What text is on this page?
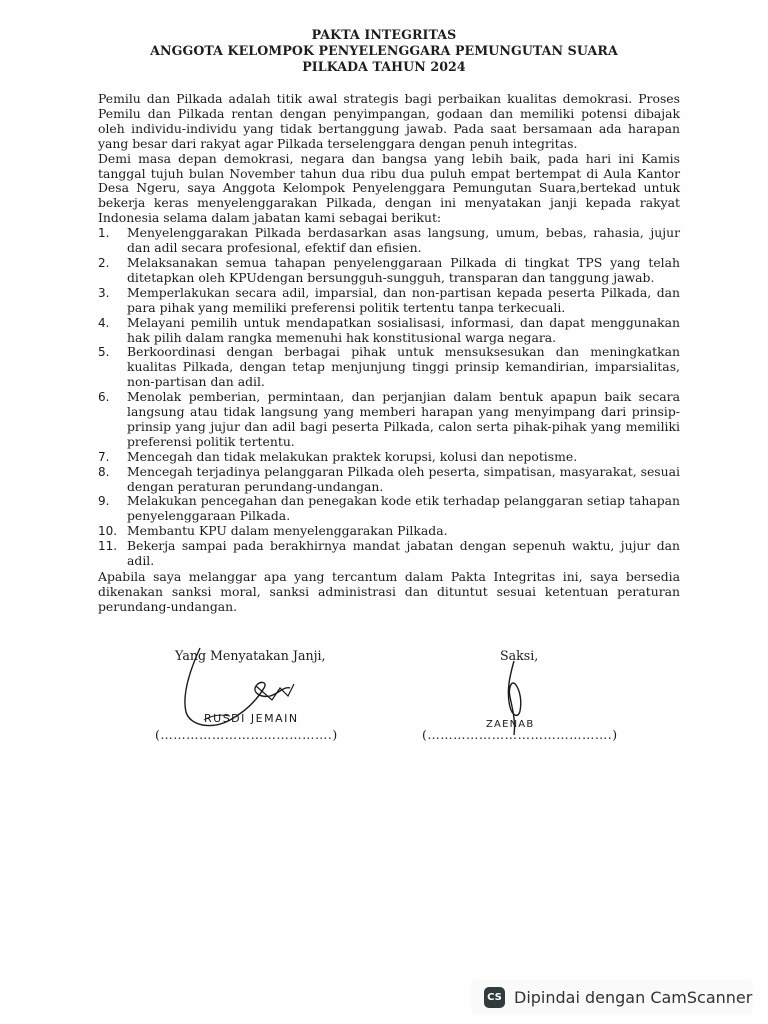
PAKTA INTEGRITAS
ANGGOTA KELOMPOK PENYELENGGARA PEMUNGUTAN SUARA
PILKADA TAHUN 2024
Pemilu dan Pilkada adalah titik awal strategis bagi perbaikan kualitas demokrasi. Proses Pemilu dan Pilkada rentan dengan penyimpangan, godaan dan memiliki potensi dibajak oleh individu-individu yang tidak bertanggung jawab. Pada saat bersamaan ada harapan yang besar dari rakyat agar Pilkada terselenggara dengan penuh integritas.
Demi masa depan demokrasi, negara dan bangsa yang lebih baik, pada hari ini Kamis tanggal tujuh bulan November tahun dua ribu dua puluh empat bertempat di Aula Kantor Desa Ngeru, saya Anggota Kelompok Penyelenggara Pemungutan Suara,bertekad untuk bekerja keras menyelenggarakan Pilkada, dengan ini menyatakan janji kepada rakyat Indonesia selama dalam jabatan kami sebagai berikut:
1.	Menyelenggarakan Pilkada berdasarkan asas langsung, umum, bebas, rahasia, jujur dan adil secara profesional, efektif dan efisien.
2.	Melaksanakan semua tahapan penyelenggaraan Pilkada di tingkat TPS yang telah ditetapkan oleh KPUdengan bersungguh-sungguh, transparan dan tanggung jawab.
3.	Memperlakukan secara adil, imparsial, dan non-partisan kepada peserta Pilkada, dan para pihak yang memiliki preferensi politik tertentu tanpa terkecuali.
4.	Melayani pemilih untuk mendapatkan sosialisasi, informasi, dan dapat menggunakan hak pilih dalam rangka memenuhi hak konstitusional warga negara.
5.	Berkoordinasi dengan berbagai pihak untuk mensuksesukan dan meningkatkan kualitas Pilkada, dengan tetap menjunjung tinggi prinsip kemandirian, imparsialitas, non-partisan dan adil.
6.	Menolak pemberian, permintaan, dan perjanjian dalam bentuk apapun baik secara langsung atau tidak langsung yang memberi harapan yang menyimpang dari prinsip-prinsip yang jujur dan adil bagi peserta Pilkada, calon serta pihak-pihak yang memiliki preferensi politik tertentu.
7.	Mencegah dan tidak melakukan praktek korupsi, kolusi dan nepotisme.
8.	Mencegah terjadinya pelanggaran Pilkada oleh peserta, simpatisan, masyarakat, sesuai dengan peraturan perundang-undangan.
9.	Melakukan pencegahan dan penegakan kode etik terhadap pelanggaran setiap tahapan penyelenggaraan Pilkada.
10. Membantu KPU dalam menyelenggarakan Pilkada.
11. Bekerja sampai pada berakhirnya mandat jabatan dengan sepenuh waktu, jujur dan adil.
Apabila saya melanggar apa yang tercantum dalam Pakta Integritas ini, saya bersedia dikenakan sanksi moral, sanksi administrasi dan dituntut sesuai ketentuan peraturan perundang-undangan.
Yang Menyatakan Janji,
RUSDI JEMAIN
(………………………………….)
Saksi,
ZAENAB
(…………………………………….)
CS Dipindai dengan CamScanner
